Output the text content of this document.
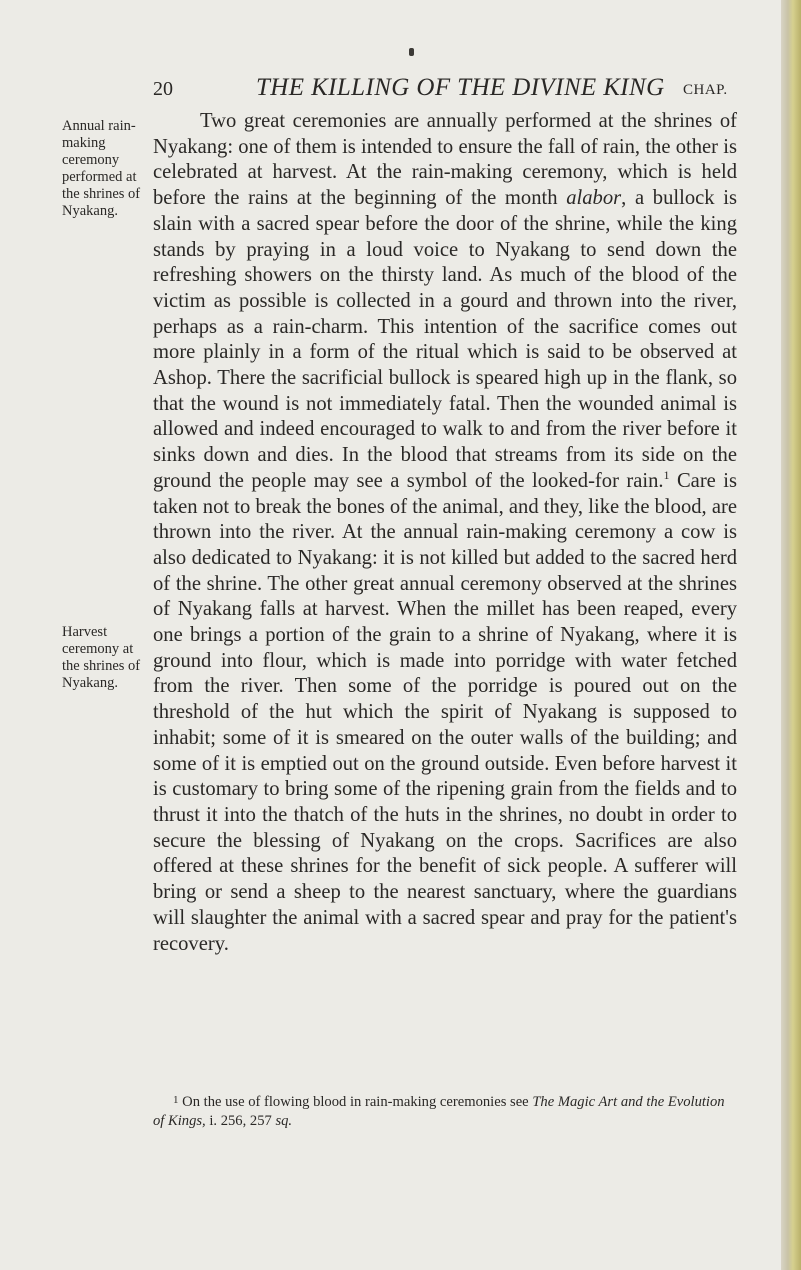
20	THE KILLING OF THE DIVINE KING CHAP.
Annual rain-making ceremony performed at the shrines of Nyakang.
Harvest ceremony at the shrines of Nyakang.

Two great ceremonies are annually performed at the shrines of Nyakang: one of them is intended to ensure the fall of rain, the other is celebrated at harvest. At the rain-making ceremony, which is held before the rains at the beginning of the month alabor, a bullock is slain with a sacred spear before the door of the shrine, while the king stands by praying in a loud voice to Nyakang to send down the refreshing showers on the thirsty land. As much of the blood of the victim as possible is collected in a gourd and thrown into the river, perhaps as a rain-charm. This intention of the sacrifice comes out more plainly in a form of the ritual which is said to be observed at Ashop. There the sacrificial bullock is speared high up in the flank, so that the wound is not immediately fatal. Then the wounded animal is allowed and indeed encouraged to walk to and from the river before it sinks down and dies. In the blood that streams from its side on the ground the people may see a symbol of the looked-for rain.$^1$ Care is taken not to break the bones of the animal, and they, like the blood, are thrown into the river. At the annual rain-making ceremony a cow is also dedicated to Nyakang: it is not killed but added to the sacred herd of the shrine. The other great annual ceremony observed at the shrines of Nyakang falls at harvest. When the millet has been reaped, every one brings a portion of the grain to a shrine of Nyakang, where it is ground into flour, which is made into porridge with water fetched from the river. Then some of the porridge is poured out on the threshold of the hut which the spirit of Nyakang is supposed to inhabit; some of it is smeared on the outer walls of the building; and some of it is emptied out on the ground outside. Even before harvest it is customary to bring some of the ripening grain from the fields and to thrust it into the thatch of the huts in the shrines, no doubt in order to secure the blessing of Nyakang on the crops. Sacrifices are also offered at these shrines for the benefit of sick people. A sufferer will bring or send a sheep to the nearest sanctuary, where the guardians will slaughter the animal with a sacred spear and pray for the patient's recovery.

$^1$ On the use of flowing blood in rain-making ceremonies see The Magic Art and the Evolution of Kings, i. 256, 257 sq.
